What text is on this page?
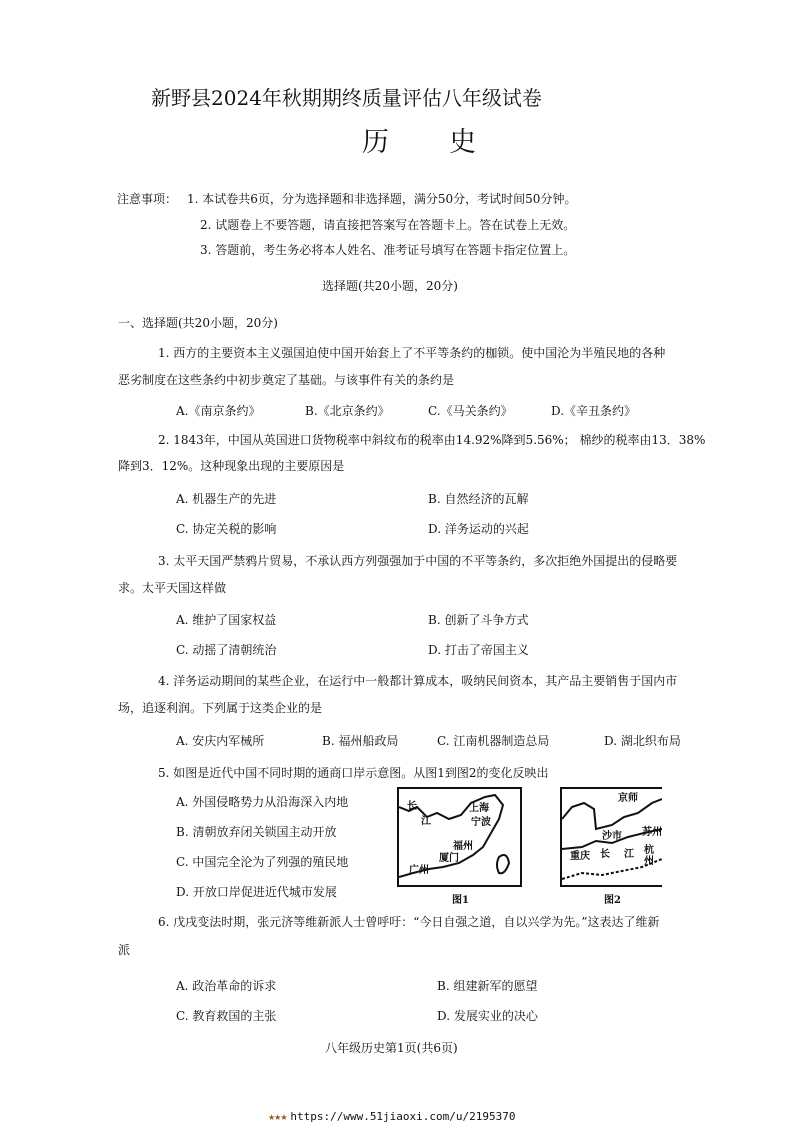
新野县2024年秋期期终质量评估八年级试卷
历史
注意事项： 1. 本试卷共6页，分为选择题和非选择题，满分50分，考试时间50分钟。
2. 试题卷上不要答题，请直接把答案写在答题卡上。答在试卷上无效。
3. 答题前，考生务必将本人姓名、准考证号填写在答题卡指定位置上。
选择题(共20小题，20分)
一、选择题(共20小题，20分)
1. 西方的主要资本主义强国迫使中国开始套上了不平等条约的枷锁。使中国沦为半殖民地的各种
恶劣制度在这些条约中初步奠定了基础。与该事件有关的条约是
A.《南京条约》	B.《北京条约》	C.《马关条约》	D.《辛丑条约》
2. 1843年，中国从英国进口货物税率中斜纹布的税率由14.92%降到5.56%； 棉纱的税率由13．38%
降到3．12%。这种现象出现的主要原因是
A. 机器生产的先进	B. 自然经济的瓦解
C. 协定关税的影响	D. 洋务运动的兴起
3. 太平天国严禁鸦片贸易，不承认西方列强强加于中国的不平等条约，多次拒绝外国提出的侵略要
求。太平天国这样做
A. 维护了国家权益	B. 创新了斗争方式
C. 动摇了清朝统治	D. 打击了帝国主义
4. 洋务运动期间的某些企业，在运行中一般都计算成本，吸纳民间资本，其产品主要销售于国内市
场，追逐利润。下列属于这类企业的是
A. 安庆内军械所	B. 福州船政局	C. 江南机器制造总局	D. 湖北织布局
5. 如图是近代中国不同时期的通商口岸示意图。从图1到图2的变化反映出
A. 外国侵略势力从沿海深入内地
B. 清朝放弃闭关锁国主动开放
C. 中国完全沦为了列强的殖民地
D. 开放口岸促进近代城市发展
长
江
上海
宁波
福州
厦门
广州
图1
京师
沙市 苏州
重庆 长 江 杭州
图2
6. 戊戌变法时期，张元济等维新派人士曾呼吁：“今日自强之道，自以兴学为先。”这表达了维新
派
A. 政治革命的诉求	B. 组建新军的愿望
C. 教育救国的主张	D. 发展实业的决心
八年级历史第1页(共6页)
★★★ https://www.51jiaoxi.com/u/2195370
